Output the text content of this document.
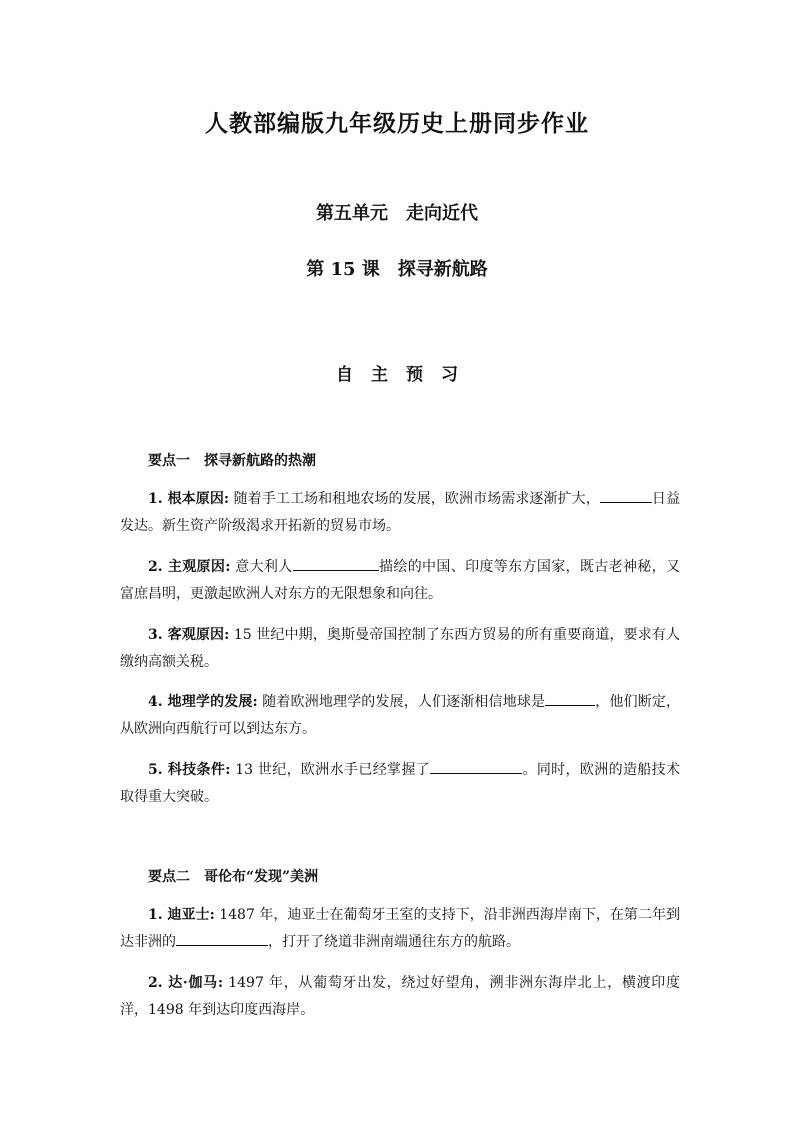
人教部编版九年级历史上册同步作业
第五单元　走向近代
第 15 课　探寻新航路
自主预习
要点一　探寻新航路的热潮
1. 根本原因: 随着手工工场和租地农场的发展，欧洲市场需求逐渐扩大，	日益发达。新生资产阶级渴求开拓新的贸易市场。
2. 主观原因: 意大利人	描绘的中国、印度等东方国家，既古老神秘，又富庶昌明，更激起欧洲人对东方的无限想象和向往。
3. 客观原因: 15 世纪中期，奥斯曼帝国控制了东西方贸易的所有重要商道，要求有人缴纳高额关税。
4. 地理学的发展: 随着欧洲地理学的发展，人们逐渐相信地球是	，他们断定，从欧洲向西航行可以到达东方。
5. 科技条件: 13 世纪，欧洲水手已经掌握了	。同时，欧洲的造船技术取得重大突破。
要点二　哥伦布“发现”美洲
1. 迪亚士: 1487 年，迪亚士在葡萄牙王室的支持下，沿非洲西海岸南下，在第二年到达非洲的	，打开了绕道非洲南端通往东方的航路。
2. 达·伽马: 1497 年，从葡萄牙出发，绕过好望角，溯非洲东海岸北上，横渡印度洋，1498 年到达印度西海岸。
